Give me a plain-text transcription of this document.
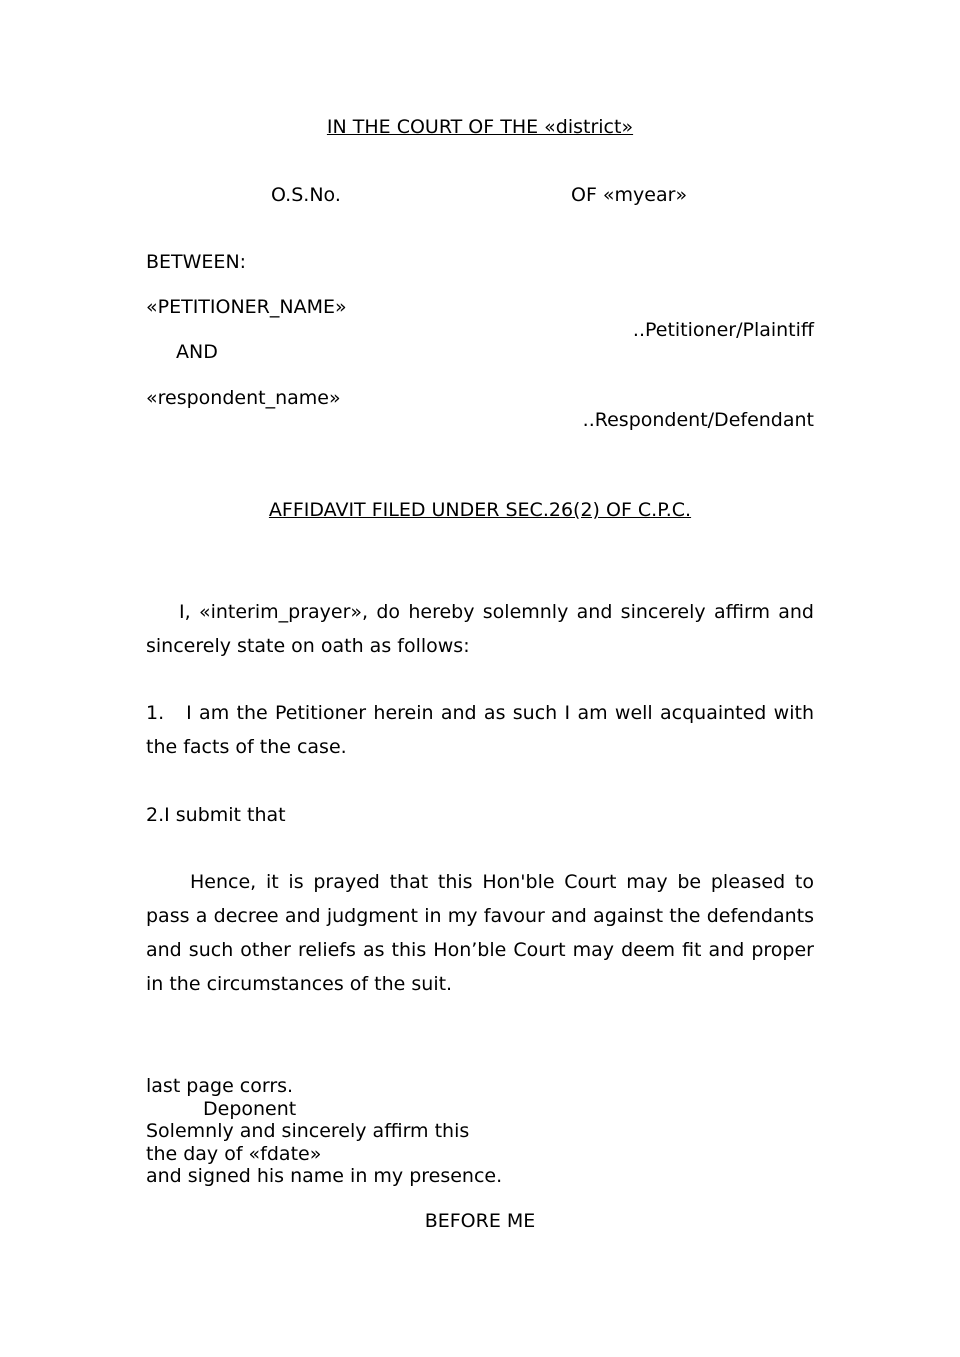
IN THE COURT OF THE «district»
O.S.No.	OF «myear»
BETWEEN:
«PETITIONER_NAME»
..Petitioner/Plaintiff
AND
«respondent_name»
..Respondent/Defendant
AFFIDAVIT FILED UNDER SEC.26(2) OF C.P.C.
I, «interim_prayer», do hereby solemnly and sincerely affirm and sincerely state on oath as follows:
1. I am the Petitioner herein and as such I am well acquainted with the facts of the case.
2.I submit that
Hence, it is prayed that this Hon'ble Court may be pleased to pass a decree and judgment in my favour and against the defendants and such other reliefs as this Hon’ble Court may deem fit and proper in the circumstances of the suit.
last page corrs.
Deponent
Solemnly and sincerely affirm this
the day of «fdate»
and signed his name in my presence.
BEFORE ME
